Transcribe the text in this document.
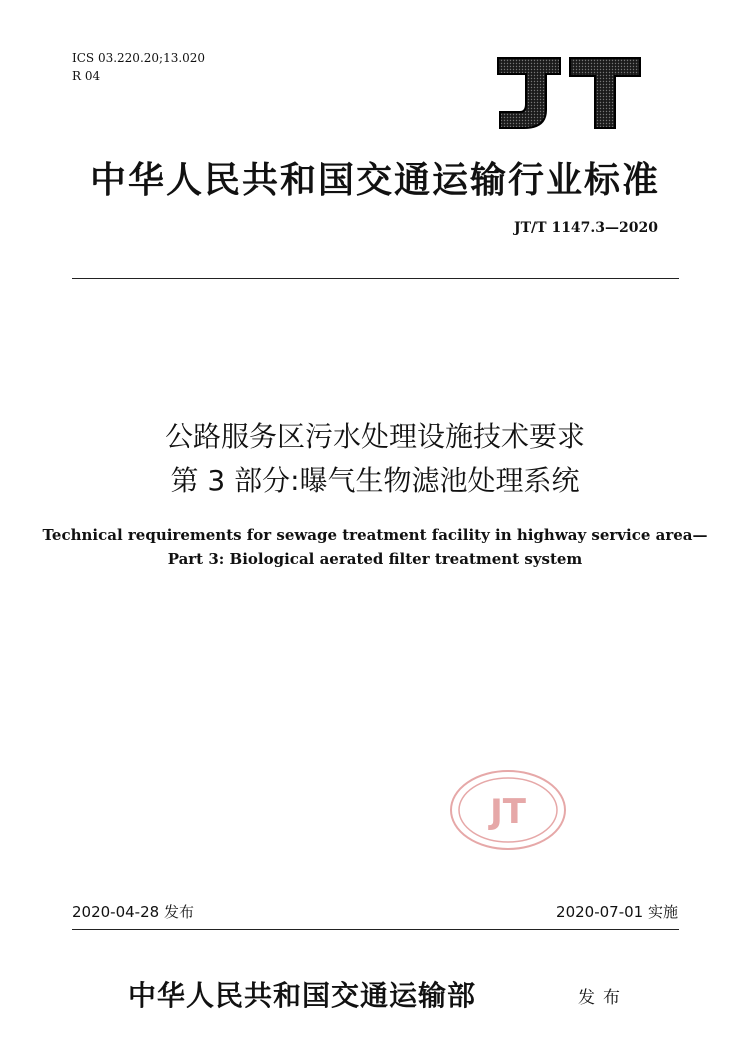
ICS 03.220.20;13.020
R 04
中华人民共和国交通运输行业标准
JT/T 1147.3—2020
公路服务区污水处理设施技术要求
第 3 部分:曝气生物滤池处理系统
Technical requirements for sewage treatment facility in highway service area—
Part 3: Biological aerated filter treatment system
JT
2020-04-28 发布	2020-07-01 实施
中华人民共和国交通运输部	发布
